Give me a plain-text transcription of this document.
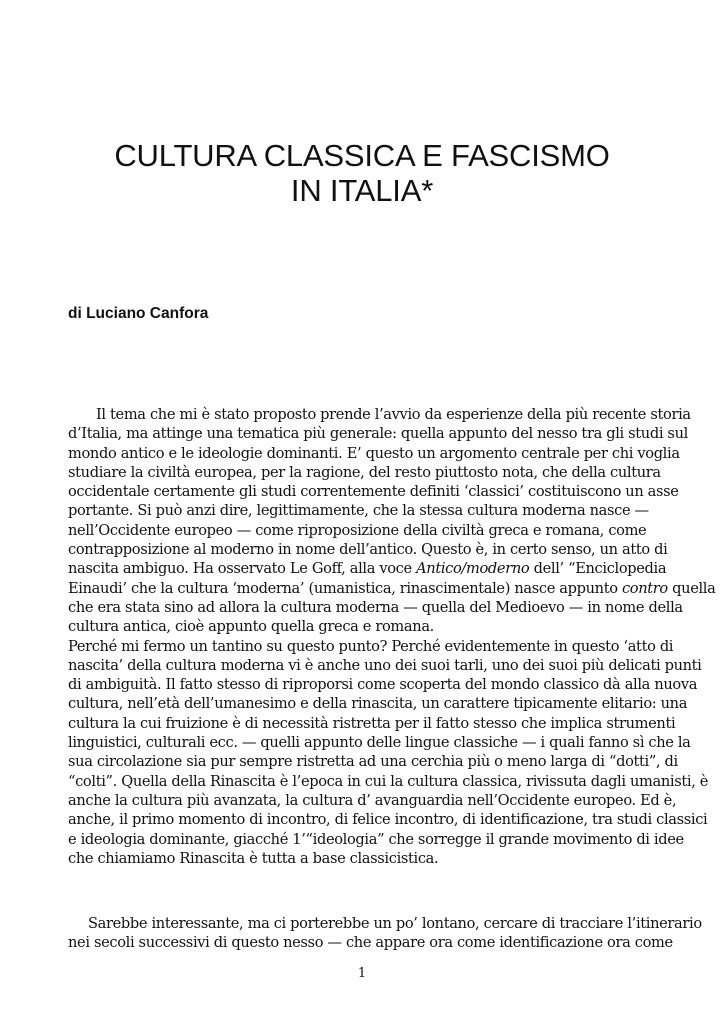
CULTURA CLASSICA E FASCISMO
IN ITALIA*

di Luciano Canfora

Il tema che mi è stato proposto prende l’avvio da esperienze della più recente storia
d’Italia, ma attinge una tematica più generale: quella appunto del nesso tra gli studi sul
mondo antico e le ideologie dominanti. E’ questo un argomento centrale per chi voglia
studiare la civiltà europea, per la ragione, del resto piuttosto nota, che della cultura
occidentale certamente gli studi correntemente definiti ‘classici’ costituiscono un asse
portante. Si può anzi dire, legittimamente, che la stessa cultura moderna nasce —
nell’Occidente europeo — come riproposizione della civiltà greca e romana, come
contrapposizione al moderno in nome dell’antico. Questo è, in certo senso, un atto di
nascita ambiguo. Ha osservato Le Goff, alla voce Antico/moderno dell’ “Enciclopedia
Einaudi’ che la cultura ‘moderna’ (umanistica, rinascimentale) nasce appunto contro quella
che era stata sino ad allora la cultura moderna — quella del Medioevo — in nome della
cultura antica, cioè appunto quella greca e romana.
Perché mi fermo un tantino su questo punto? Perché evidentemente in questo ‘atto di
nascita’ della cultura moderna vi è anche uno dei suoi tarli, uno dei suoi più delicati punti
di ambiguità. Il fatto stesso di riproporsi come scoperta del mondo classico dà alla nuova
cultura, nell’età dell’umanesimo e della rinascita, un carattere tipicamente elitario: una
cultura la cui fruizione è di necessità ristretta per il fatto stesso che implica strumenti
linguistici, culturali ecc. — quelli appunto delle lingue classiche — i quali fanno sì che la
sua circolazione sia pur sempre ristretta ad una cerchia più o meno larga di “dotti”, di
“colti”. Quella della Rinascita è l’epoca in cui la cultura classica, rivissuta dagli umanisti, è
anche la cultura più avanzata, la cultura d’ avanguardia nell’Occidente europeo. Ed è,
anche, il primo momento di incontro, di felice incontro, di identificazione, tra studi classici
e ideologia dominante, giacché 1’“ideologia” che sorregge il grande movimento di idee
che chiamiamo Rinascita è tutta a base classicistica.
Sarebbe interessante, ma ci porterebbe un po’ lontano, cercare di tracciare l’itinerario
nei secoli successivi di questo nesso — che appare ora come identificazione ora come

1
